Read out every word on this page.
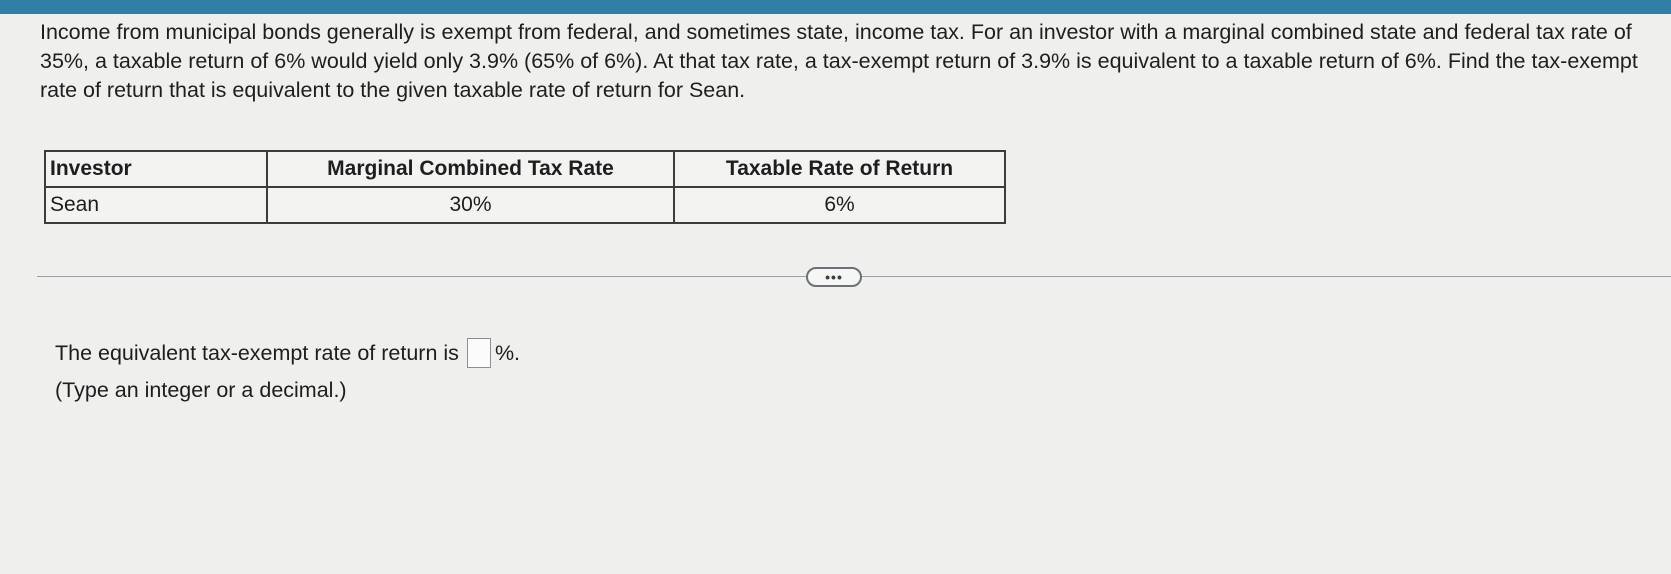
Income from municipal bonds generally is exempt from federal, and sometimes state, income tax. For an investor with a marginal combined state and federal tax rate of 35%, a taxable return of 6% would yield only 3.9% (65% of 6%). At that tax rate, a tax-exempt return of 3.9% is equivalent to a taxable return of 6%. Find the tax-exempt rate of return that is equivalent to the given taxable rate of return for Sean.

Investor	Marginal Combined Tax Rate	Taxable Rate of Return
Sean	30%	6%
•••
The equivalent tax-exempt rate of return is %.
(Type an integer or a decimal.)
